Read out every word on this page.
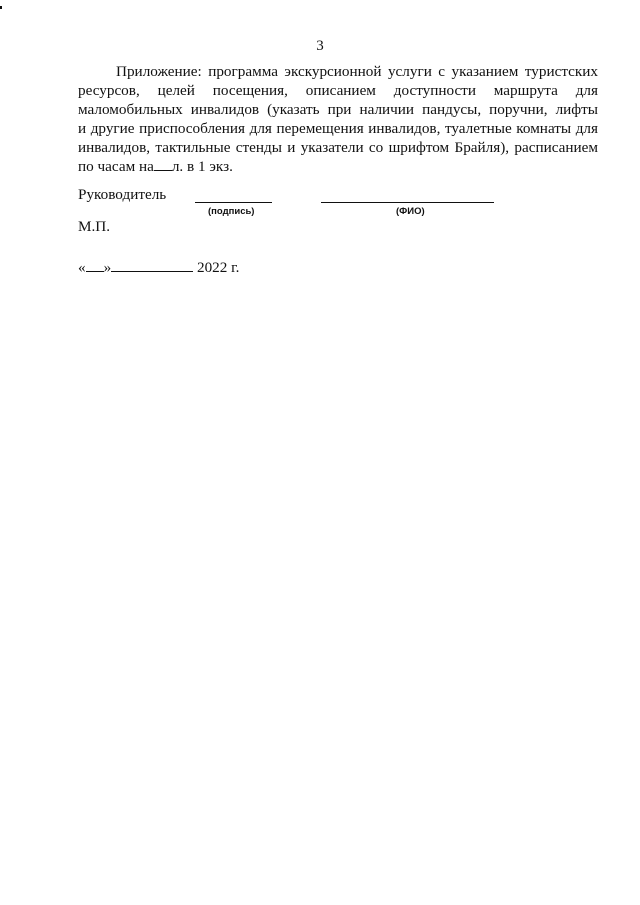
3
Приложение: программа экскурсионной услуги с указанием туристских
ресурсов, целей посещения, описанием доступности маршрута для
маломобильных инвалидов (указать при наличии пандусы, поручни, лифты
и другие приспособления для перемещения инвалидов, туалетные комнаты для
инвалидов, тактильные стенды и указатели со шрифтом Брайля), расписанием
по часам на л. в 1 экз.
Руководитель
(подпись)	(ФИО)
М.П.
« »	2022 г.
